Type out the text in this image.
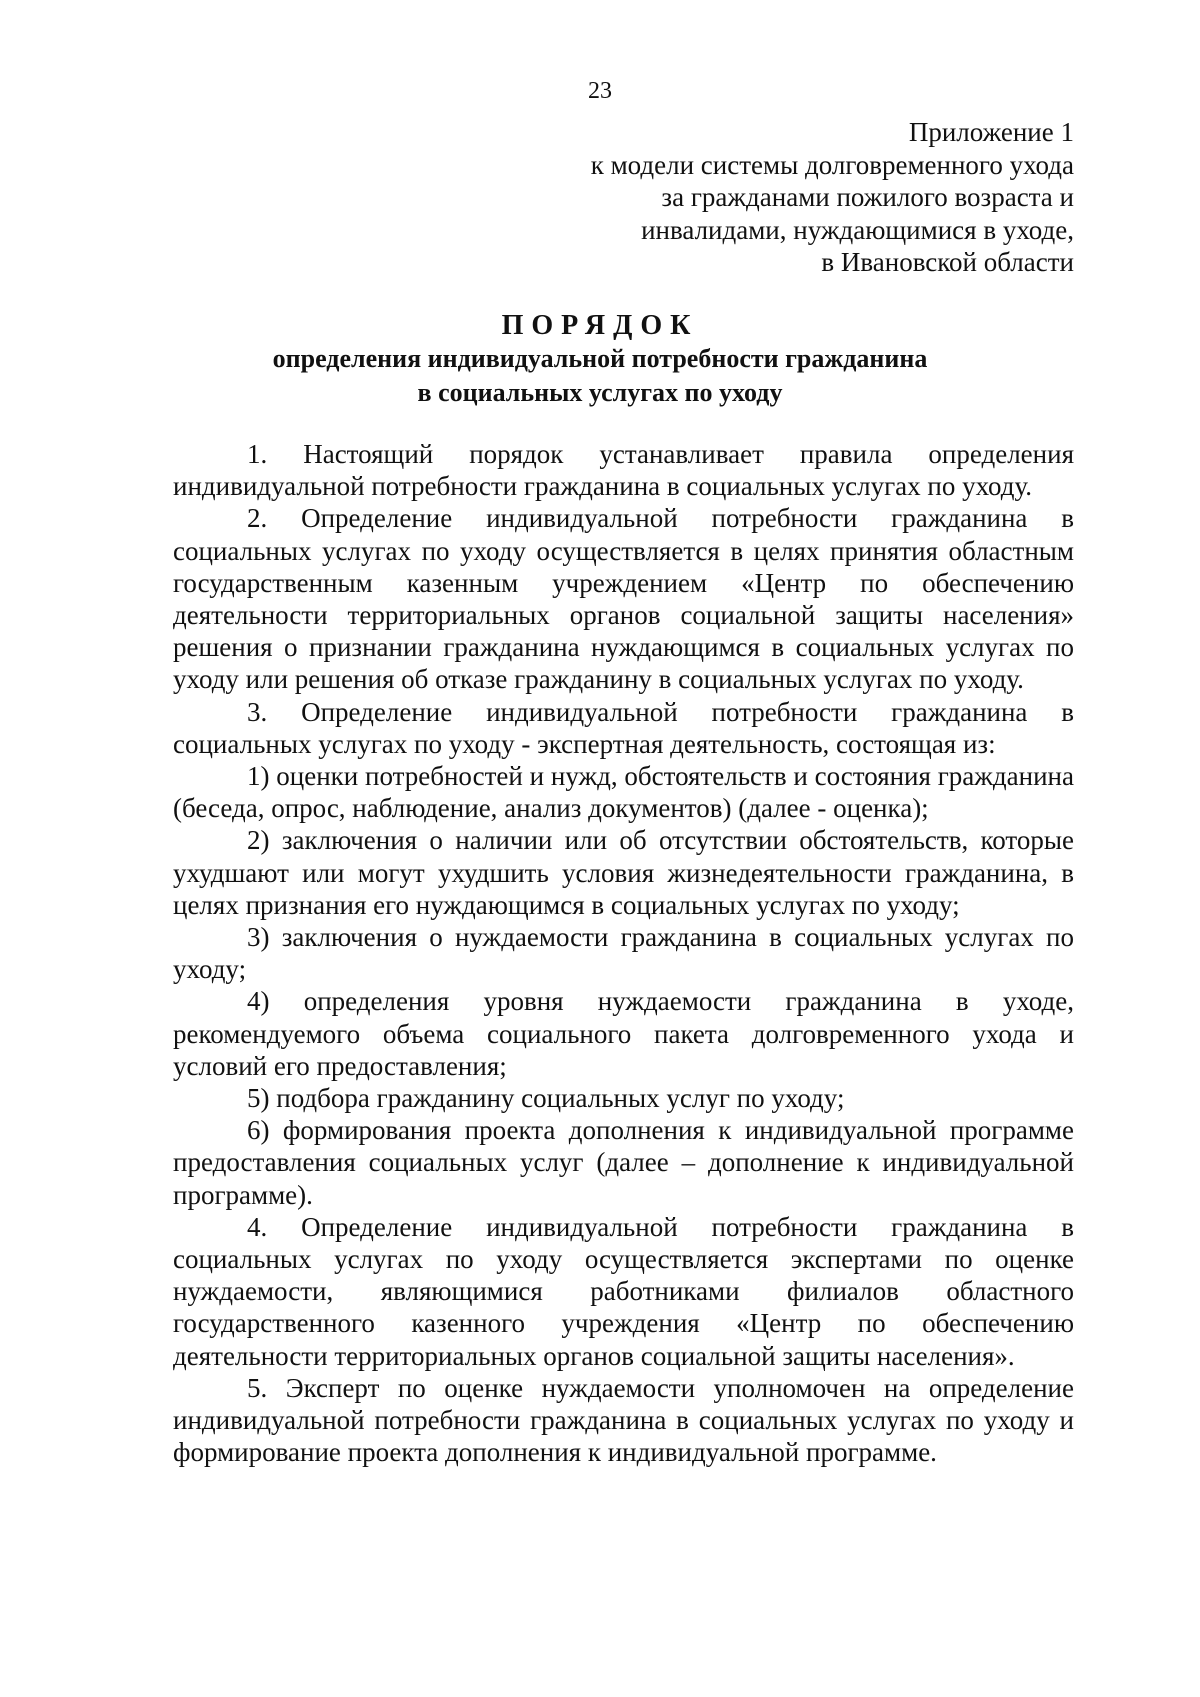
23
Приложение 1
к модели системы долговременного ухода
за гражданами пожилого возраста и
инвалидами, нуждающимися в уходе,
в Ивановской области
ПОРЯДОК
определения индивидуальной потребности гражданина
в социальных услугах по уходу

1. Настоящий порядок устанавливает правила определения индивидуальной потребности гражданина в социальных услугах по уходу.

2. Определение индивидуальной потребности гражданина в социальных услугах по уходу осуществляется в целях принятия областным государственным казенным учреждением «Центр по обеспечению деятельности территориальных органов социальной защиты населения» решения о признании гражданина нуждающимся в социальных услугах по уходу или решения об отказе гражданину в социальных услугах по уходу.

3. Определение индивидуальной потребности гражданина в социальных услугах по уходу - экспертная деятельность, состоящая из:

1) оценки потребностей и нужд, обстоятельств и состояния гражданина (беседа, опрос, наблюдение, анализ документов) (далее - оценка);

2) заключения о наличии или об отсутствии обстоятельств, которые ухудшают или могут ухудшить условия жизнедеятельности гражданина, в целях признания его нуждающимся в социальных услугах по уходу;

3) заключения о нуждаемости гражданина в социальных услугах по уходу;

4) определения уровня нуждаемости гражданина в уходе, рекомендуемого объема социального пакета долговременного ухода и условий его предоставления;

5) подбора гражданину социальных услуг по уходу;

6) формирования проекта дополнения к индивидуальной программе предоставления социальных услуг (далее – дополнение к индивидуальной программе).

4. Определение индивидуальной потребности гражданина в социальных услугах по уходу осуществляется экспертами по оценке нуждаемости, являющимися работниками филиалов областного государственного казенного учреждения «Центр по обеспечению деятельности территориальных органов социальной защиты населения».

5. Эксперт по оценке нуждаемости уполномочен на определение индивидуальной потребности гражданина в социальных услугах по уходу и формирование проекта дополнения к индивидуальной программе.
